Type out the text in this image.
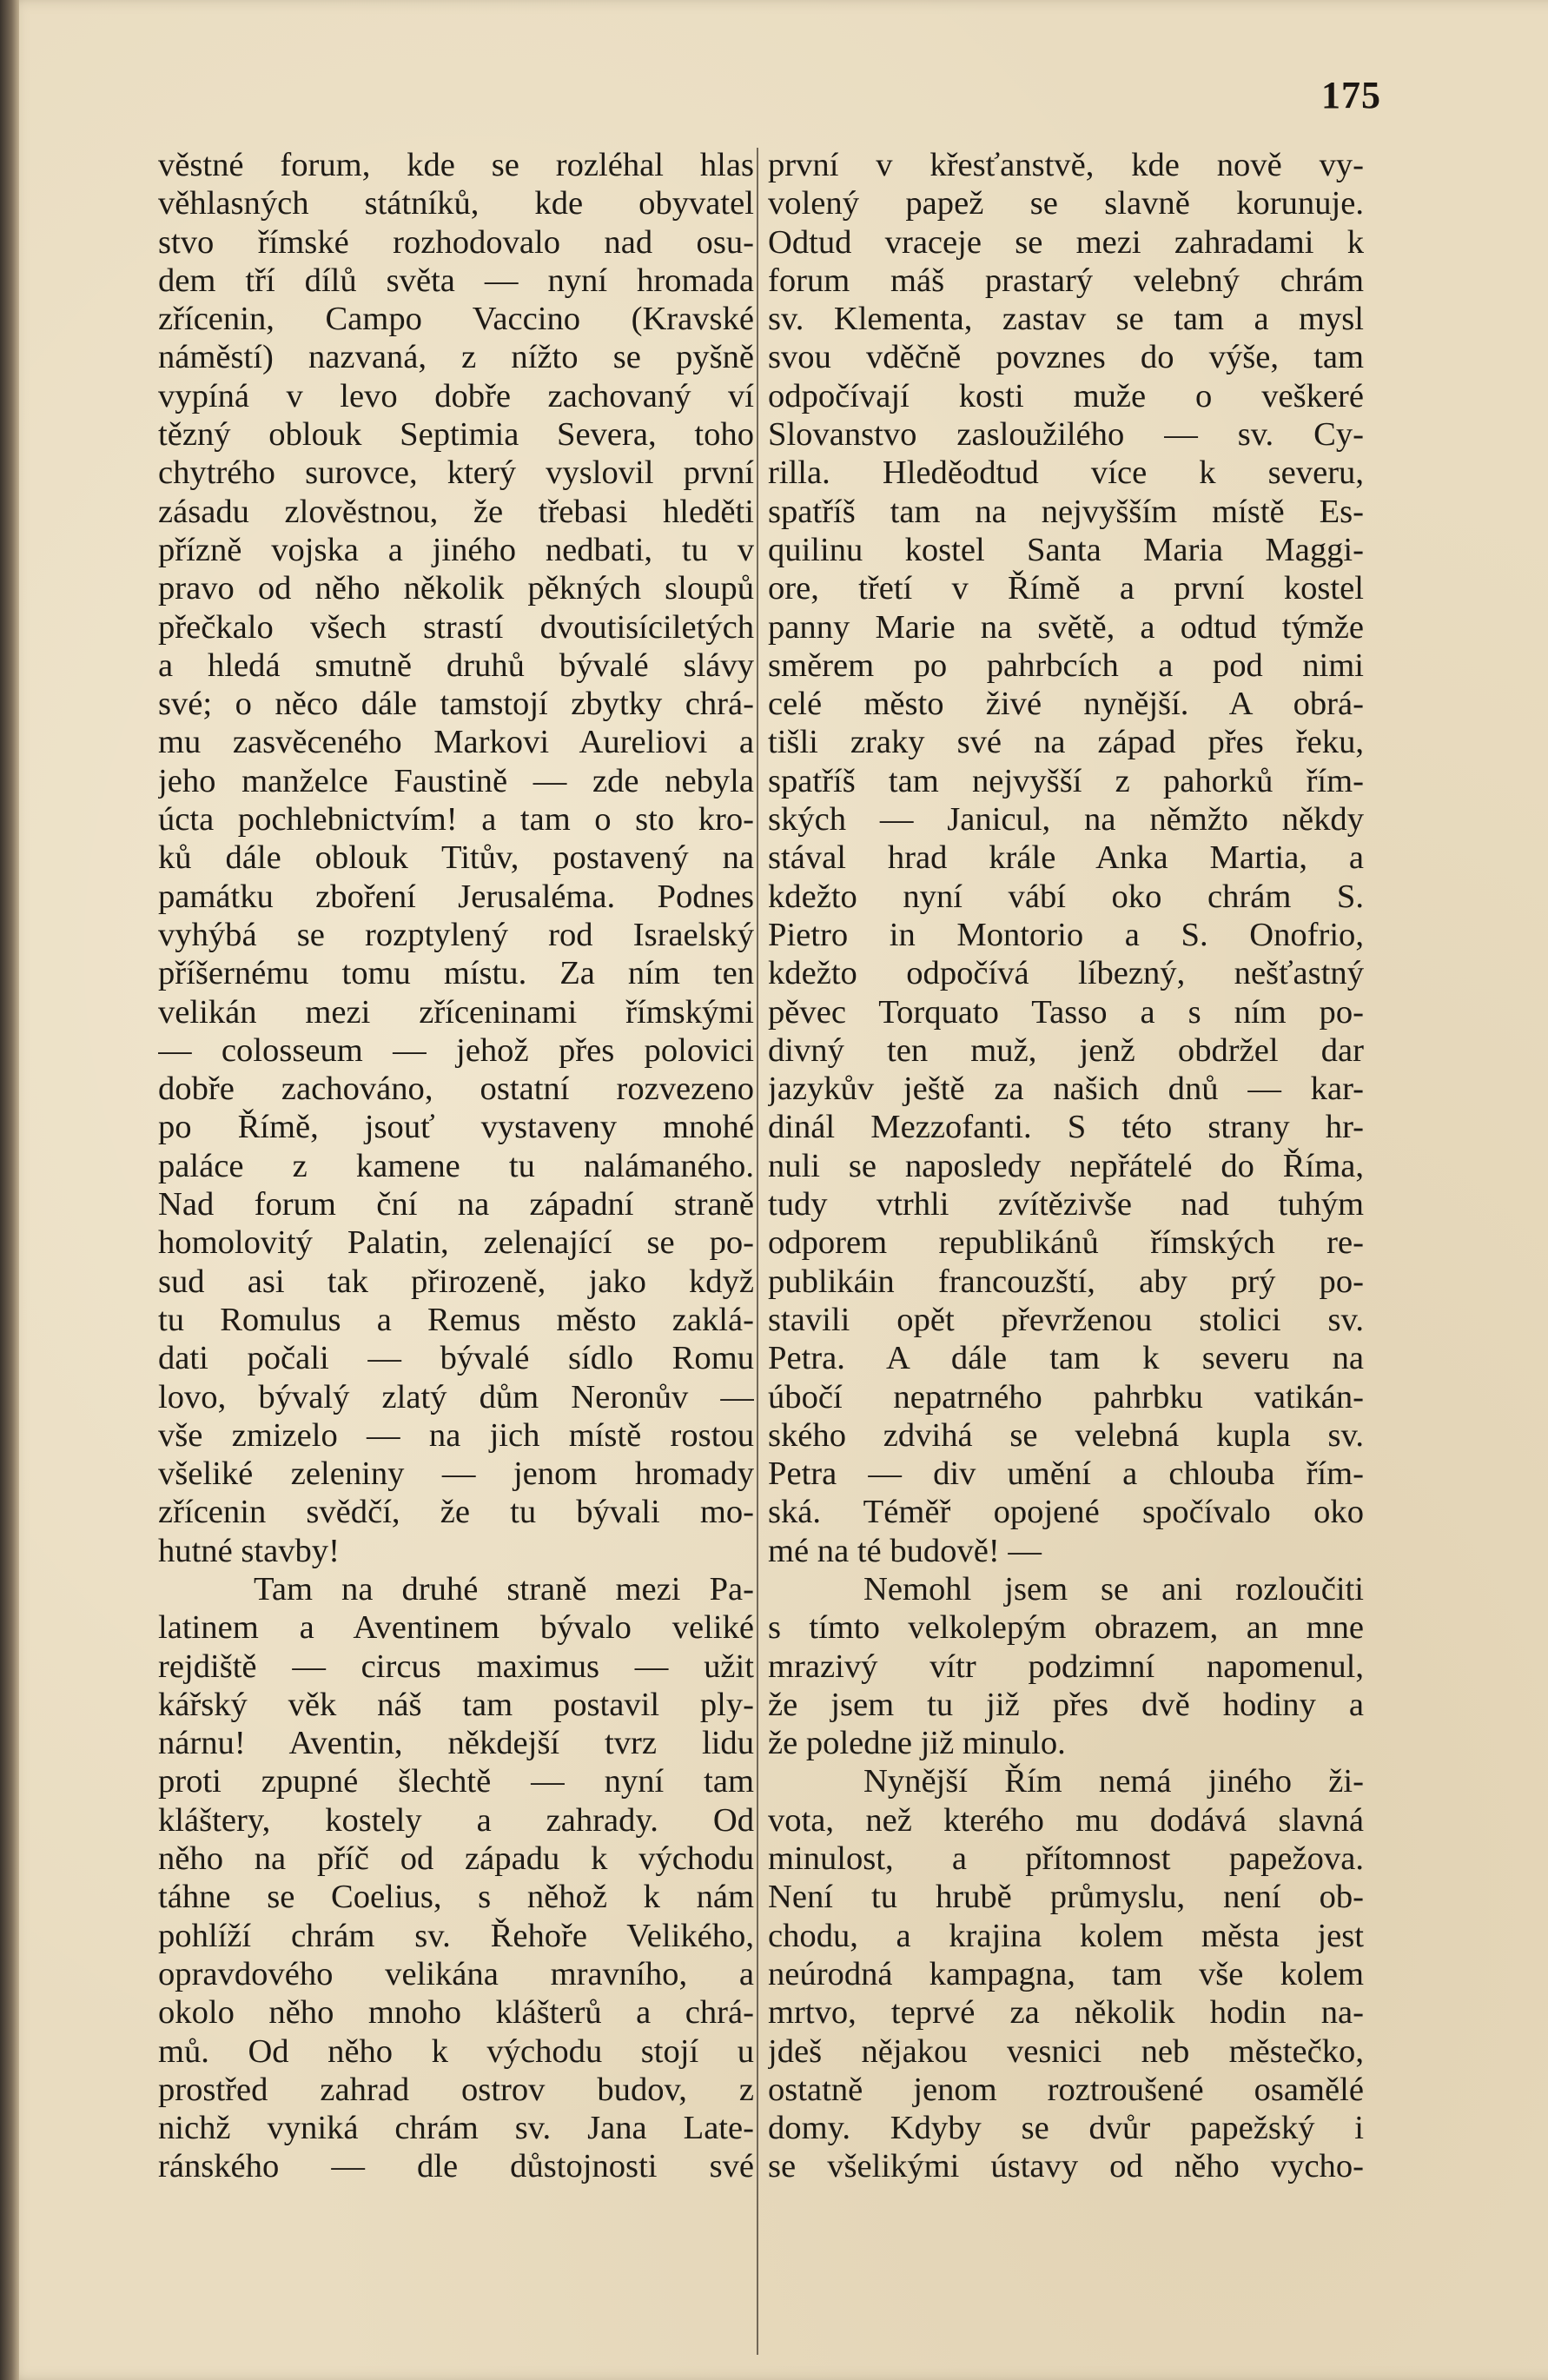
175
věstné forum, kde se rozléhal hlas
věhlasných státníků, kde obyvatel
stvo římské rozhodovalo nad osu-
dem tří dílů světa — nyní hromada
zřícenin, Campo Vaccino (Kravské
náměstí) nazvaná, z nížto se pyšně
vypíná v levo dobře zachovaný ví
tězný oblouk Septimia Severa, toho
chytrého surovce, který vyslovil první
zásadu zlověstnou, že třebasi hleděti
přízně vojska a jiného nedbati, tu v
pravo od něho několik pěkných sloupů
přečkalo všech strastí dvoutisíciletých
a hledá smutně druhů bývalé slávy
své; o něco dále tamstojí zbytky chrá-
mu zasvěceného Markovi Aureliovi a
jeho manželce Faustině — zde nebyla
úcta pochlebnictvím! a tam o sto kro-
ků dále oblouk Titův, postavený na
památku zboření Jerusaléma. Podnes
vyhýbá se rozptylený rod Israelský
příšernému tomu místu. Za ním ten
velikán mezi zříceninami římskými
— colosseum — jehož přes polovici
dobře zachováno, ostatní rozvezeno
po Římě, jsouť vystaveny mnohé
paláce z kamene tu nalámaného.
Nad forum ční na západní straně
homolovitý Palatin, zelenající se po-
sud asi tak přirozeně, jako když
tu Romulus a Remus město zaklá-
dati počali — bývalé sídlo Romu
lovo, bývalý zlatý dům Neronův —
vše zmizelo — na jich místě rostou
všeliké zeleniny — jenom hromady
zřícenin svědčí, že tu bývali mo-
hutné stavby!
Tam na druhé straně mezi Pa-
latinem a Aventinem bývalo veliké
rejdiště — circus maximus — užit
kářský věk náš tam postavil ply-
nárnu! Aventin, někdejší tvrz lidu
proti zpupné šlechtě — nyní tam
kláštery, kostely a zahrady. Od
něho na příč od západu k východu
táhne se Coelius, s něhož k nám
pohlíží chrám sv. Řehoře Velikého,
opravdového velikána mravního, a
okolo něho mnoho klášterů a chrá-
mů. Od něho k východu stojí u
prostřed zahrad ostrov budov, z
nichž vyniká chrám sv. Jana Late-
ránského — dle důstojnosti své
první v křesťanstvě, kde nově vy-
volený papež se slavně korunuje.
Odtud vraceje se mezi zahradami k
forum máš prastarý velebný chrám
sv. Klementa, zastav se tam a mysl
svou vděčně povznes do výše, tam
odpočívají kosti muže o veškeré
Slovanstvo zasloužilého — sv. Cy-
rilla. Hleděodtud více k severu,
spatříš tam na nejvyšším místě Es-
quilinu kostel Santa Maria Maggi-
ore, třetí v Římě a první kostel
panny Marie na světě, a odtud týmže
směrem po pahrbcích a pod nimi
celé město živé nynější. A obrá-
tišli zraky své na západ přes řeku,
spatříš tam nejvyšší z pahorků řím-
ských — Janicul, na němžto někdy
stával hrad krále Anka Martia, a
kdežto nyní vábí oko chrám S.
Pietro in Montorio a S. Onofrio,
kdežto odpočívá líbezný, nešťastný
pěvec Torquato Tasso a s ním po-
divný ten muž, jenž obdržel dar
jazykův ještě za našich dnů — kar-
dinál Mezzofanti. S této strany hr-
nuli se naposledy nepřátelé do Říma,
tudy vtrhli zvítězivše nad tuhým
odporem republikánů římských re-
publikáin francouzští, aby prý po-
stavili opět převrženou stolici sv.
Petra. A dále tam k severu na
úbočí nepatrného pahrbku vatikán-
ského zdvihá se velebná kupla sv.
Petra — div umění a chlouba řím-
ská. Téměř opojené spočívalo oko
mé na té budově! —
Nemohl jsem se ani rozloučiti
s tímto velkolepým obrazem, an mne
mrazivý vítr podzimní napomenul,
že jsem tu již přes dvě hodiny a
že poledne již minulo.
Nynější Řím nemá jiného ži-
vota, než kterého mu dodává slavná
minulost, a přítomnost papežova.
Není tu hrubě průmyslu, není ob-
chodu, a krajina kolem města jest
neúrodná kampagna, tam vše kolem
mrtvo, teprvé za několik hodin na-
jdeš nějakou vesnici neb městečko,
ostatně jenom roztroušené osamělé
domy. Kdyby se dvůr papežský i
se všelikými ústavy od něho vycho-
